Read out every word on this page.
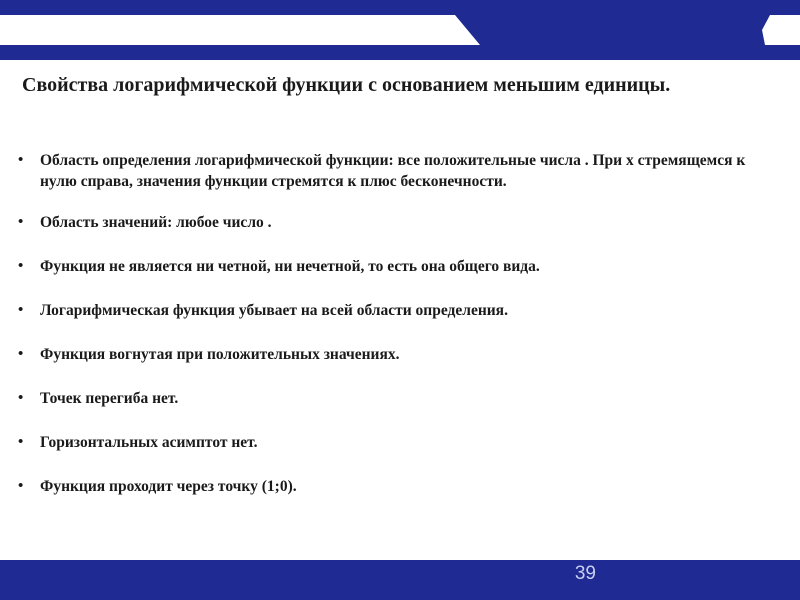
Свойства логарифмической функции с основанием меньшим единицы.
• Область определения логарифмической функции: все положительные числа . При х стремящемся к нулю справа, значения функции стремятся к плюс бесконечности.
• Область значений: любое число .
• Функция не является ни четной, ни нечетной, то есть она общего вида.
• Логарифмическая функция убывает на всей области определения.
• Функция вогнутая при положительных значениях.
• Точек перегиба нет.
• Горизонтальных асимптот нет.
• Функция проходит через точку (1;0).
39
